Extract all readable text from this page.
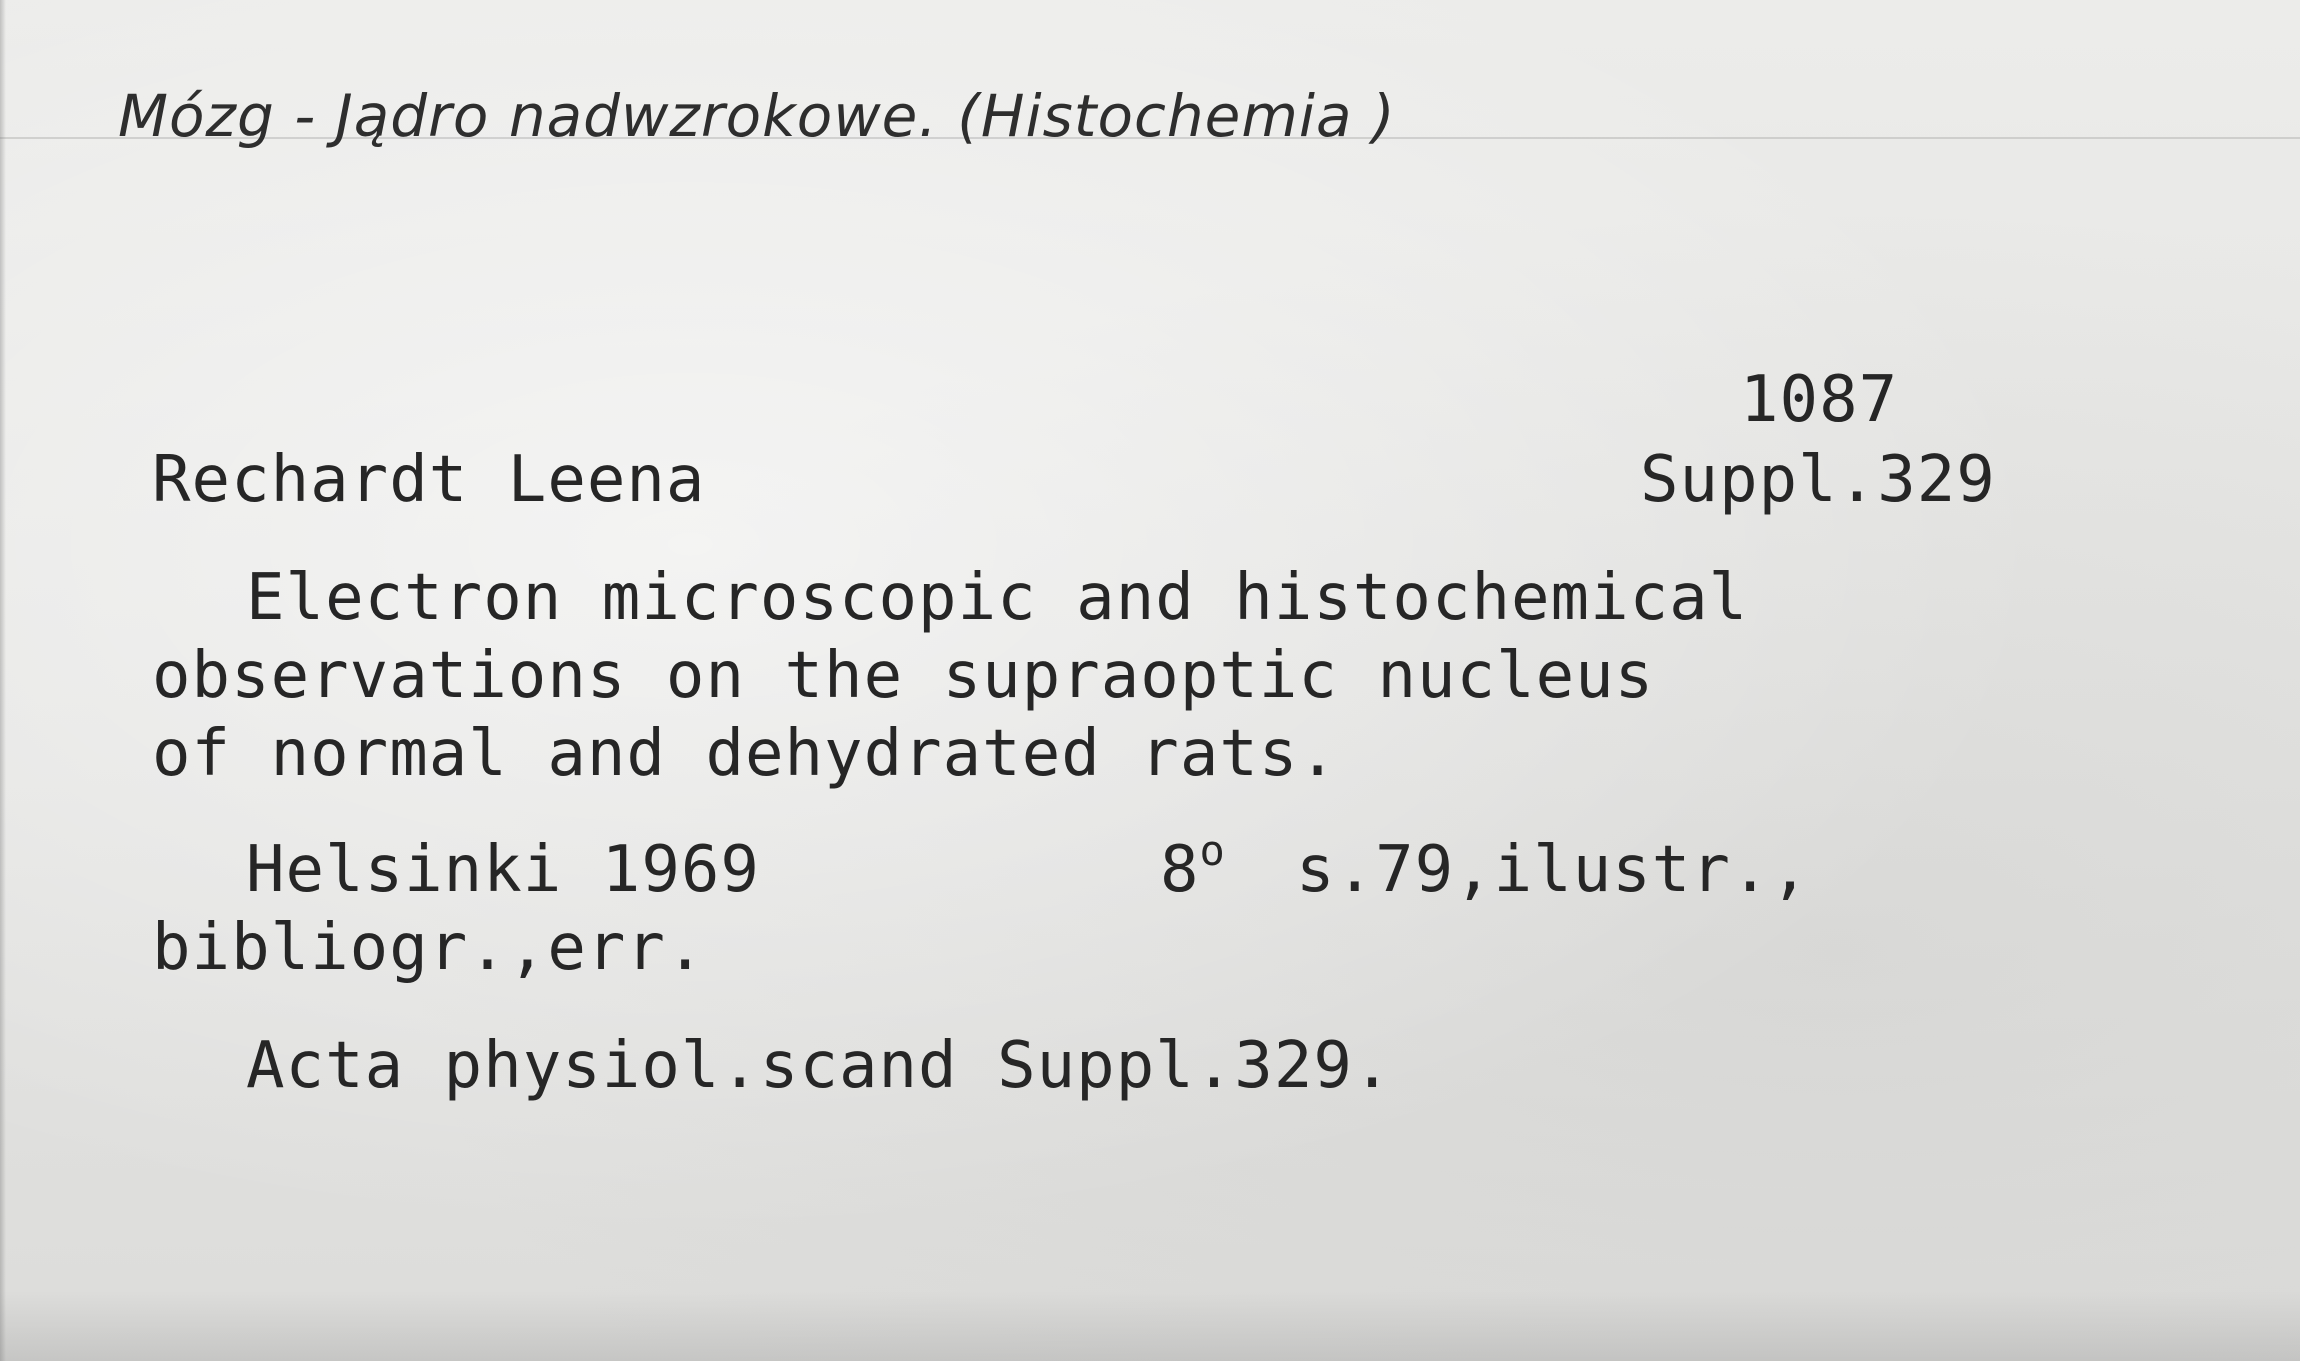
Mózg - Jądro nadwzrokowe. (Histochemia )
1087
Suppl.329
Rechardt Leena
Electron microscopic and histochemical
observations on the supraoptic nucleus
of normal and dehydrated rats.
Helsinki 1969	8$^o$ s.79,ilustr.,
bibliogr.,err.
Acta physiol.scand Suppl.329.
